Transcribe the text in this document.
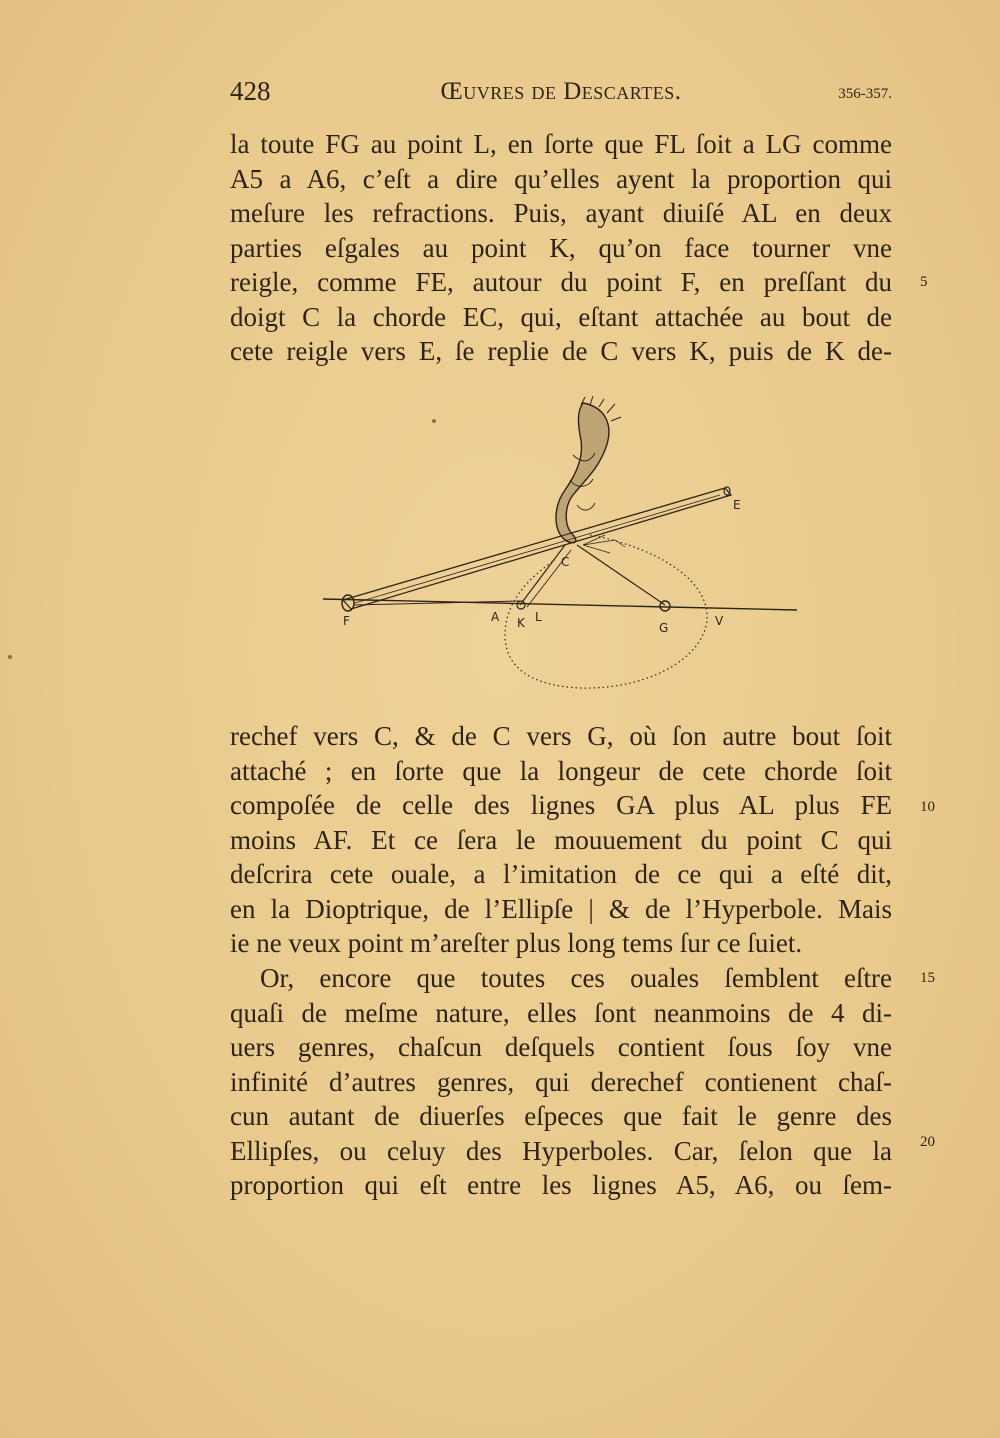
428	Œuvres de Descartes.	356-357.
la toute FG au point L, en ſorte que FL ſoit a LG comme
A5 a A6, c’eſt a dire qu’elles ayent la proportion qui
meſure les refractions. Puis, ayant diuiſé AL en deux
parties eſgales au point K, qu’on face tourner vne
reigle, comme FE, autour du point F, en preſſant du
doigt C la chorde EC, qui, eſtant attachée au bout de
cete reigle vers E, ſe replie de C vers K, puis de K de-
E
C
F	A K L
G	V
rechef vers C, & de C vers G, où ſon autre bout ſoit
attaché ; en ſorte que la longeur de cete chorde ſoit
compoſée de celle des lignes GA plus AL plus FE
moins AF. Et ce ſera le mouuement du point C qui
deſcrira cete ouale, a l’imitation de ce qui a eſté dit,
en la Dioptrique, de l’Ellipſe | & de l’Hyperbole. Mais
ie ne veux point m’areſter plus long tems ſur ce ſuiet.
Or, encore que toutes ces ouales ſemblent eſtre
quaſi de meſme nature, elles ſont neanmoins de 4 di-
uers genres, chaſcun deſquels contient ſous ſoy vne
infinité d’autres genres, qui derechef contienent chaſ-
cun autant de diuerſes eſpeces que fait le genre des
Ellipſes, ou celuy des Hyperboles. Car, ſelon que la
proportion qui eſt entre les lignes A5, A6, ou ſem-
5
10
15
20
